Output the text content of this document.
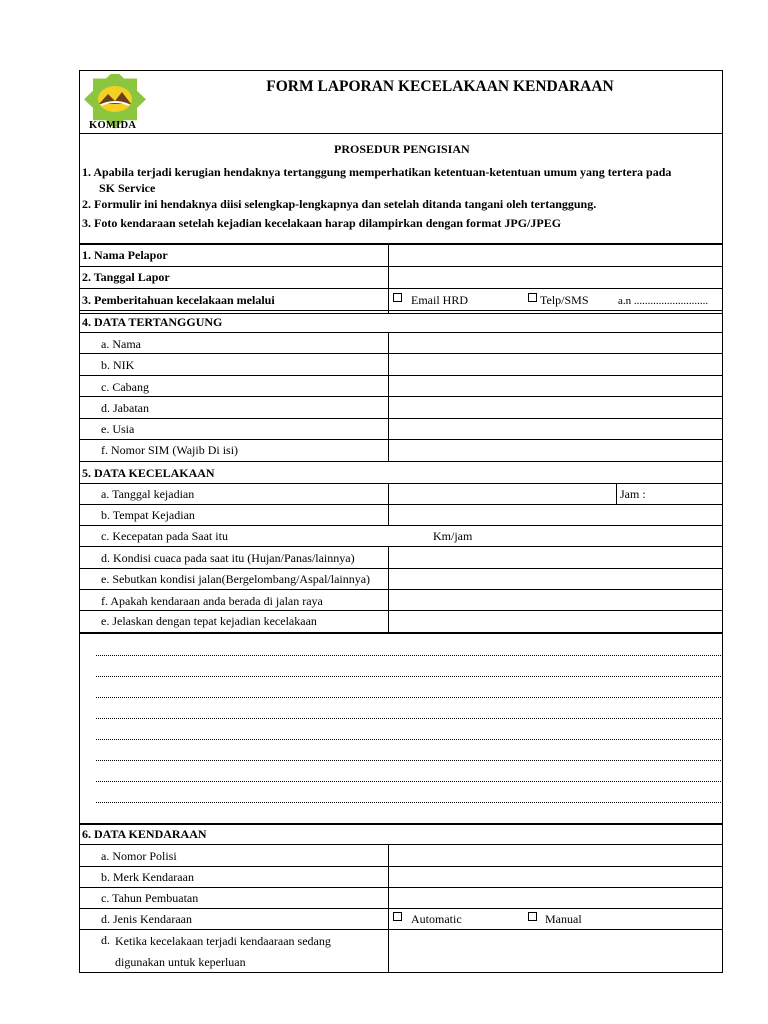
KOMIDA
FORM LAPORAN KECELAKAAN KENDARAAN
PROSEDUR PENGISIAN
1. Apabila terjadi kerugian hendaknya tertanggung memperhatikan ketentuan-ketentuan umum yang tertera pada
SK Service
2. Formulir ini hendaknya diisi selengkap-lengkapnya dan setelah ditanda tangani oleh tertanggung.
3. Foto kendaraan setelah kejadian kecelakaan harap dilampirkan dengan format JPG/JPEG
1. Nama Pelapor
2. Tanggal Lapor
3. Pemberitahuan kecelakaan melalui	Email HRD	Telp/SMS	a.n ...........................
4. DATA TERTANGGUNG
a. Nama
b. NIK
c. Cabang
d. Jabatan
e. Usia
f. Nomor SIM (Wajib Di isi)
5. DATA KECELAKAAN
a. Tanggal kejadian	Jam :
b. Tempat Kejadian
c. Kecepatan pada Saat itu	Km/jam
d. Kondisi cuaca pada saat itu (Hujan/Panas/lainnya)
e. Sebutkan kondisi jalan(Bergelombang/Aspal/lainnya)
f. Apakah kendaraan anda berada di jalan raya
e. Jelaskan dengan tepat kejadian kecelakaan
6. DATA KENDARAAN
a. Nomor Polisi
b. Merk Kendaraan
c. Tahun Pembuatan
d. Jenis Kendaraan	Automatic	Manual
d. Ketika kecelakaan terjadi kendaaraan sedang
digunakan untuk keperluan
